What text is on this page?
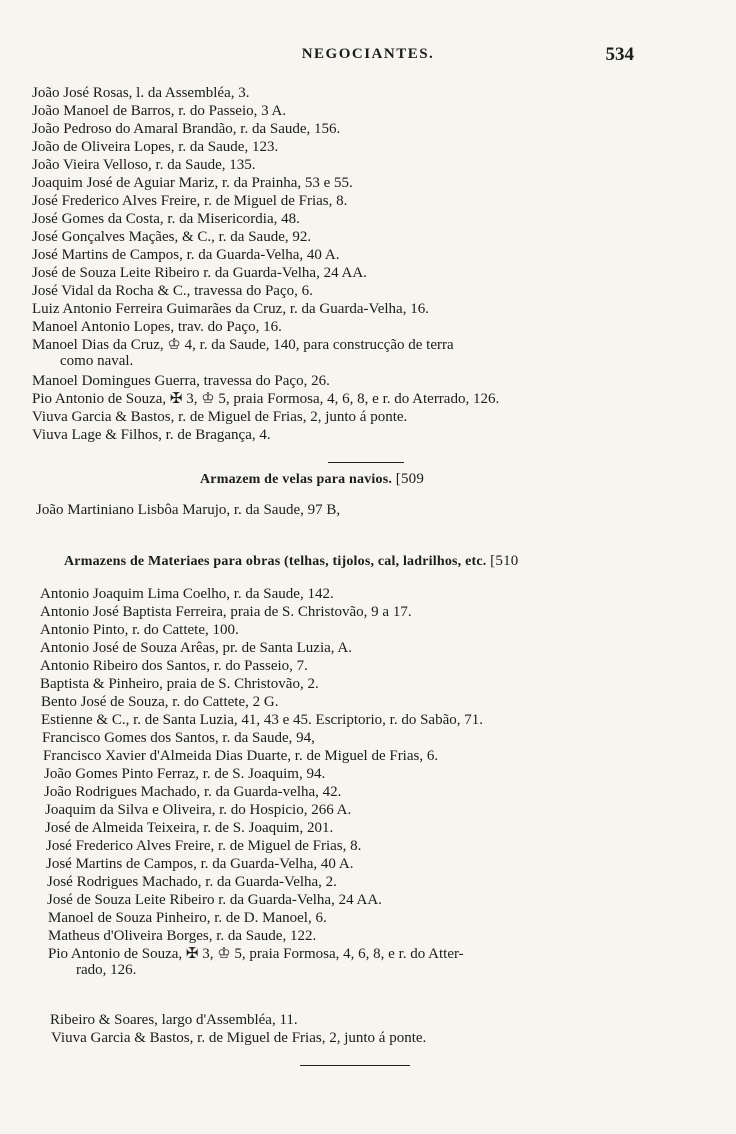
NEGOCIANTES.	534
João José Rosas, l. da Assembléa, 3.
João Manoel de Barros, r. do Passeio, 3 A.
João Pedroso do Amaral Brandão, r. da Saude, 156.
João de Oliveira Lopes, r. da Saude, 123.
João Vieira Velloso, r. da Saude, 135.
Joaquim José de Aguiar Mariz, r. da Prainha, 53 e 55.
José Frederico Alves Freire, r. de Miguel de Frias, 8.
José Gomes da Costa, r. da Misericordia, 48.
José Gonçalves Maçães, & C., r. da Saude, 92.
José Martins de Campos, r. da Guarda-Velha, 40 A.
José de Souza Leite Ribeiro r. da Guarda-Velha, 24 AA.
José Vidal da Rocha & C., travessa do Paço, 6.
Luiz Antonio Ferreira Guimarães da Cruz, r. da Guarda-Velha, 16.
Manoel Antonio Lopes, trav. do Paço, 16.
Manoel Dias da Cruz, ♔ 4, r. da Saude, 140, para construcção de terra
como naval.
Manoel Domingues Guerra, travessa do Paço, 26.
Pio Antonio de Souza, ✠ 3, ♔ 5, praia Formosa, 4, 6, 8, e r. do Aterrado, 126.
Viuva Garcia & Bastos, r. de Miguel de Frias, 2, junto á ponte.
Viuva Lage & Filhos, r. de Bragança, 4.
Armazem de velas para navios. [509
João Martiniano Lisbôa Marujo, r. da Saude, 97 B,
Armazens de Materiaes para obras (telhas, tijolos, cal, ladrilhos, etc. [510
Antonio Joaquim Lima Coelho, r. da Saude, 142.
Antonio José Baptista Ferreira, praia de S. Christovão, 9 a 17.
Antonio Pinto, r. do Cattete, 100.
Antonio José de Souza Arêas, pr. de Santa Luzia, A.
Antonio Ribeiro dos Santos, r. do Passeio, 7.
Baptista & Pinheiro, praia de S. Christovão, 2.
Bento José de Souza, r. do Cattete, 2 G.
Estienne & C., r. de Santa Luzia, 41, 43 e 45. Escriptorio, r. do Sabão, 71.
Francisco Gomes dos Santos, r. da Saude, 94,
Francisco Xavier d'Almeida Dias Duarte, r. de Miguel de Frias, 6.
João Gomes Pinto Ferraz, r. de S. Joaquim, 94.
João Rodrigues Machado, r. da Guarda-velha, 42.
Joaquim da Silva e Oliveira, r. do Hospicio, 266 A.
José de Almeida Teixeira, r. de S. Joaquim, 201.
José Frederico Alves Freire, r. de Miguel de Frias, 8.
José Martins de Campos, r. da Guarda-Velha, 40 A.
José Rodrigues Machado, r. da Guarda-Velha, 2.
José de Souza Leite Ribeiro r. da Guarda-Velha, 24 AA.
Manoel de Souza Pinheiro, r. de D. Manoel, 6.
Matheus d'Oliveira Borges, r. da Saude, 122.
Pio Antonio de Souza, ✠ 3, ♔ 5, praia Formosa, 4, 6, 8, e r. do Atter-
rado, 126.
Ribeiro & Soares, largo d'Assembléa, 11.
Viuva Garcia & Bastos, r. de Miguel de Frias, 2, junto á ponte.
